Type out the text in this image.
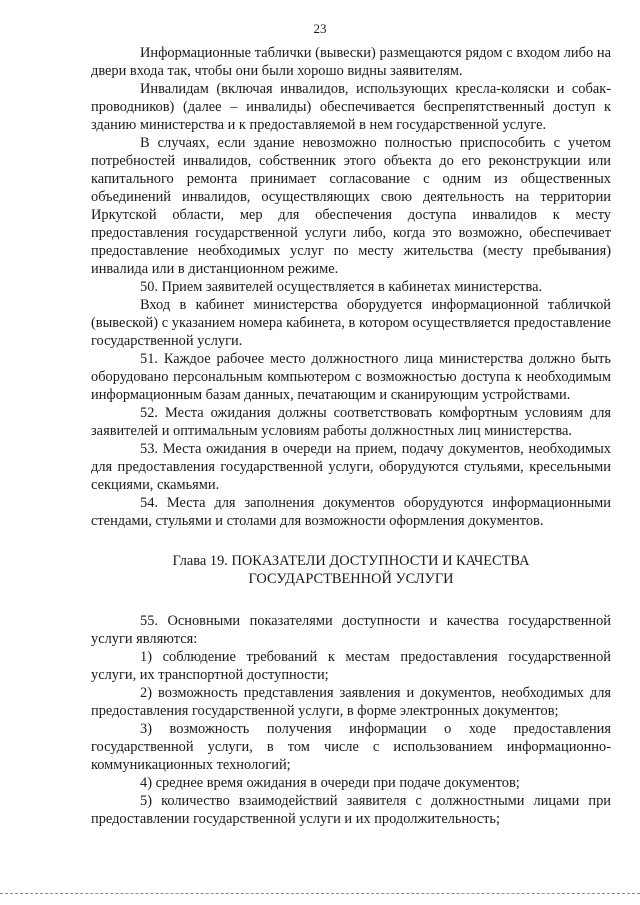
23

Информационные таблички (вывески) размещаются рядом с входом либо на двери входа так, чтобы они были хорошо видны заявителям.

Инвалидам (включая инвалидов, использующих кресла-коляски и собак-проводников) (далее – инвалиды) обеспечивается беспрепятственный доступ к зданию министерства и к предоставляемой в нем государственной услуге.

В случаях, если здание невозможно полностью приспособить с учетом потребностей инвалидов, собственник этого объекта до его реконструкции или капитального ремонта принимает согласование с одним из общественных объединений инвалидов, осуществляющих свою деятельность на территории Иркутской области, мер для обеспечения доступа инвалидов к месту предоставления государственной услуги либо, когда это возможно, обеспечивает предоставление необходимых услуг по месту жительства (месту пребывания) инвалида или в дистанционном режиме.

50. Прием заявителей осуществляется в кабинетах министерства.

Вход в кабинет министерства оборудуется информационной табличкой (вывеской) с указанием номера кабинета, в котором осуществляется предоставление государственной услуги.

51. Каждое рабочее место должностного лица министерства должно быть оборудовано персональным компьютером с возможностью доступа к необходимым информационным базам данных, печатающим и сканирующим устройствами.

52. Места ожидания должны соответствовать комфортным условиям для заявителей и оптимальным условиям работы должностных лиц министерства.

53. Места ожидания в очереди на прием, подачу документов, необходимых для предоставления государственной услуги, оборудуются стульями, кресельными секциями, скамьями.

54. Места для заполнения документов оборудуются информационными стендами, стульями и столами для возможности оформления документов.

Глава 19. ПОКАЗАТЕЛИ ДОСТУПНОСТИ И КАЧЕСТВА
ГОСУДАРСТВЕННОЙ УСЛУГИ

55. Основными показателями доступности и качества государственной услуги являются:

1) соблюдение требований к местам предоставления государственной услуги, их транспортной доступности;

2) возможность представления заявления и документов, необходимых для предоставления государственной услуги, в форме электронных документов;

3) возможность получения информации о ходе предоставления государственной услуги, в том числе с использованием информационно-коммуникационных технологий;

4) среднее время ожидания в очереди при подаче документов;

5) количество взаимодействий заявителя с должностными лицами при предоставлении государственной услуги и их продолжительность;
